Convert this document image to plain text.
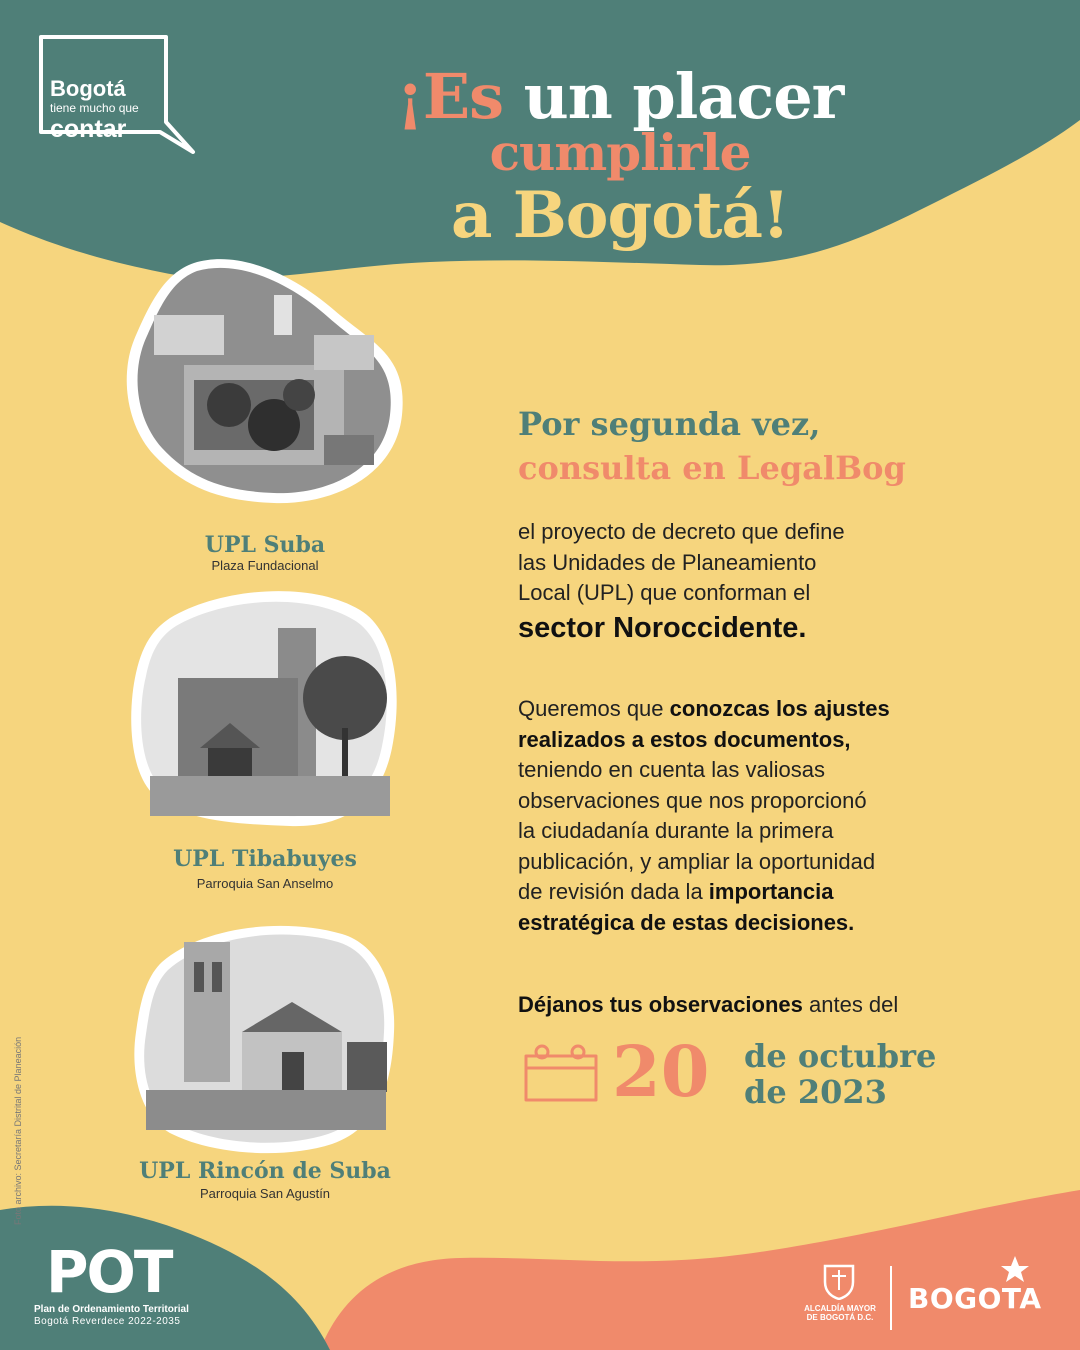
Bogotá
tiene mucho que
contar	¡Es un placer
cumplirle
a Bogotá!
UPL Suba
Plaza Fundacional
UPL Tibabuyes
Parroquia San Anselmo
UPL Rincón de Suba
Parroquia San Agustín
Foto archivo: Secretaría Distrital de Planeación
Por segunda vez,
consulta en LegalBog
el proyecto de decreto que define
las Unidades de Planeamiento
Local (UPL) que conforman el
sector Noroccidente.
Queremos que conozcas los ajustes
realizados a estos documentos,
teniendo en cuenta las valiosas
observaciones que nos proporcionó
la ciudadanía durante la primera
publicación, y ampliar la oportunidad
de revisión dada la importancia
estratégica de estas decisiones.
Déjanos tus observaciones antes del
20 de octubre
de 2023
POT
Plan de Ordenamiento Territorial
Bogotá Reverdece 2022-2035
ALCALDÍA MAYOR
DE BOGOTÁ D.C.
BOGOTA
